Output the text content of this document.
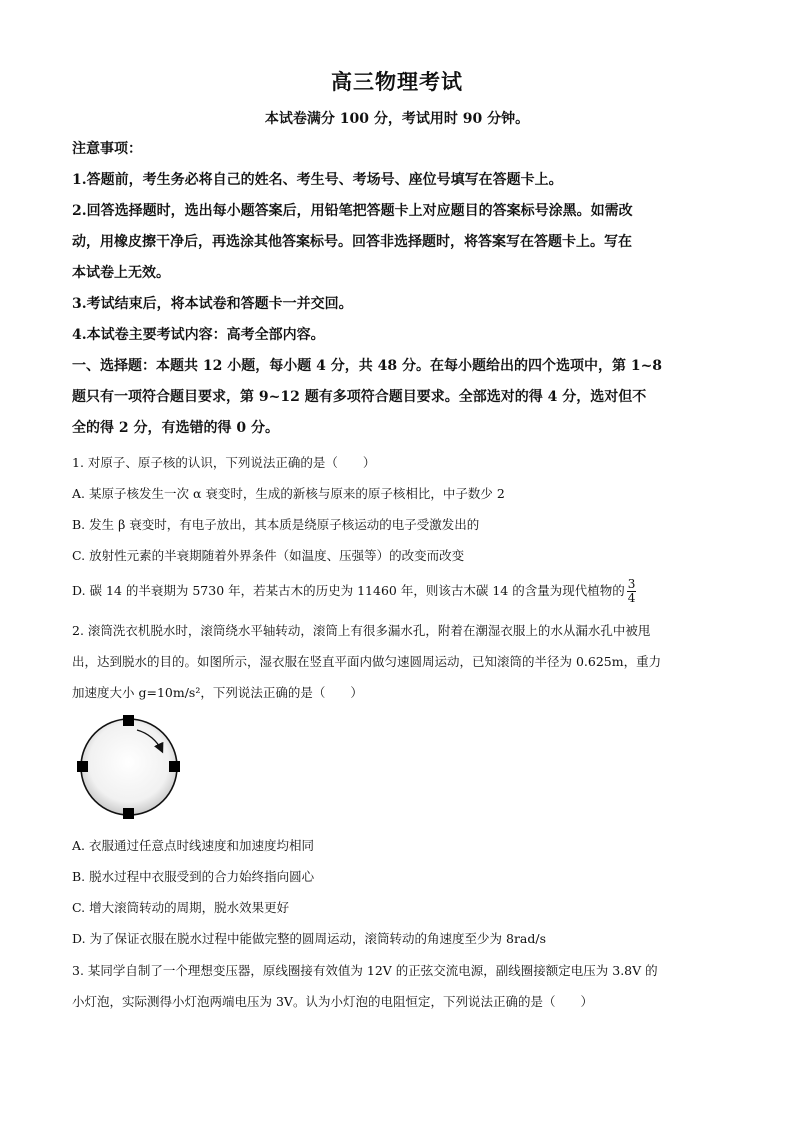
高三物理考试
本试卷满分 100 分，考试用时 90 分钟。
注意事项：
1.答题前，考生务必将自己的姓名、考生号、考场号、座位号填写在答题卡上。
2.回答选择题时，选出每小题答案后，用铅笔把答题卡上对应题目的答案标号涂黑。如需改
动，用橡皮擦干净后，再选涂其他答案标号。回答非选择题时，将答案写在答题卡上。写在
本试卷上无效。
3.考试结束后，将本试卷和答题卡一并交回。
4.本试卷主要考试内容：高考全部内容。
一、选择题：本题共 12 小题，每小题 4 分，共 48 分。在每小题给出的四个选项中，第 1~8
题只有一项符合题目要求，第 9~12 题有多项符合题目要求。全部选对的得 4 分，选对但不
全的得 2 分，有选错的得 0 分。
1. 对原子、原子核的认识，下列说法正确的是（　　）
A. 某原子核发生一次 α 衰变时，生成的新核与原来的原子核相比，中子数少 2
B. 发生 β 衰变时，有电子放出，其本质是绕原子核运动的电子受激发出的
C. 放射性元素的半衰期随着外界条件（如温度、压强等）的改变而改变
D. 碳 14 的半衰期为 5730 年，若某古木的历史为 11460 年，则该古木碳 14 的含量为现代植物的 $\frac{3}{4}$
2. 滚筒洗衣机脱水时，滚筒绕水平轴转动，滚筒上有很多漏水孔，附着在潮湿衣服上的水从漏水孔中被甩
出，达到脱水的目的。如图所示，湿衣服在竖直平面内做匀速圆周运动，已知滚筒的半径为 0.625m，重力
加速度大小 g=10m/s²，下列说法正确的是（　　）
A. 衣服通过任意点时线速度和加速度均相同
B. 脱水过程中衣服受到的合力始终指向圆心
C. 增大滚筒转动的周期，脱水效果更好
D. 为了保证衣服在脱水过程中能做完整的圆周运动，滚筒转动的角速度至少为 8rad/s
3. 某同学自制了一个理想变压器，原线圈接有效值为 12V 的正弦交流电源，副线圈接额定电压为 3.8V 的
小灯泡，实际测得小灯泡两端电压为 3V。认为小灯泡的电阻恒定，下列说法正确的是（　　）
